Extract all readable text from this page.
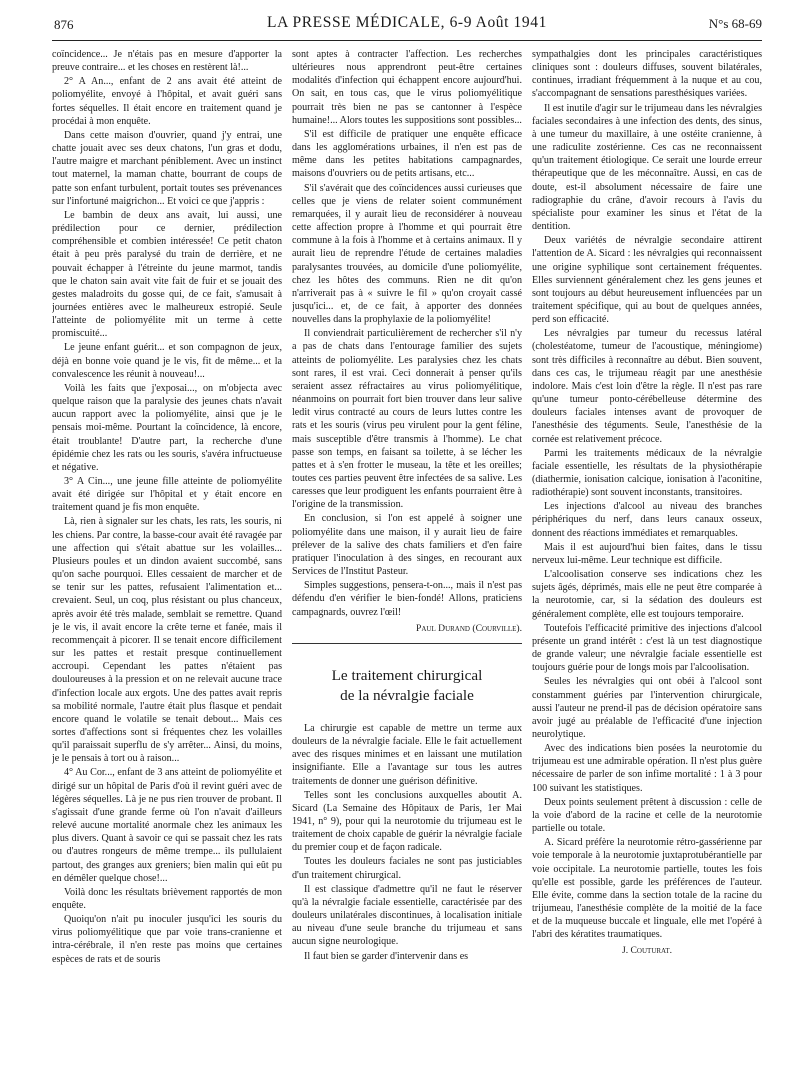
876	LA PRESSE MÉDICALE, 6-9 Août 1941	N°s 68-69

coïncidence... Je n'étais pas en mesure d'apporter la preuve contraire... et les choses en restèrent là!...

2° A An..., enfant de 2 ans avait été atteint de poliomyélite, envoyé à l'hôpital, et avait guéri sans fortes séquelles. Il était encore en traitement quand je procédai à mon enquête.

Dans cette maison d'ouvrier, quand j'y entrai, une chatte jouait avec ses deux chatons, l'un gras et dodu, l'autre maigre et marchant péniblement. Avec un instinct tout maternel, la maman chatte, bourrant de coups de patte son enfant turbulent, portait toutes ses prévenances sur l'infortuné maigrichon... Et voici ce que j'appris :

Le bambin de deux ans avait, lui aussi, une prédilection pour ce dernier, prédilection compréhensible et combien intéressée! Ce petit chaton était à peu près paralysé du train de derrière, et ne pouvait échapper à l'étreinte du jeune marmot, tandis que le chaton sain avait vite fait de fuir et se jouait des gestes maladroits du gosse qui, de ce fait, s'amusait à journées entières avec le malheureux estropié. Seule l'atteinte de poliomyélite mit un terme à cette promiscuité...

Le jeune enfant guérit... et son compagnon de jeux, déjà en bonne voie quand je le vis, fit de même... et la convalescence les réunit à nouveau!...

Voilà les faits que j'exposai..., on m'objecta avec quelque raison que la paralysie des jeunes chats n'avait aucun rapport avec la poliomyélite, ainsi que je le pensais moi-même. Pourtant la coïncidence, là encore, était troublante! D'autre part, la recherche d'une épidémie chez les rats ou les souris, s'avéra infructueuse et négative.

3° A Cin..., une jeune fille atteinte de poliomyélite avait été dirigée sur l'hôpital et y était encore en traitement quand je fis mon enquête.

Là, rien à signaler sur les chats, les rats, les souris, ni les chiens. Par contre, la basse-cour avait été ravagée par une affection qui s'était abattue sur les volailles... Plusieurs poules et un dindon avaient succombé, sans qu'on sache pourquoi. Elles cessaient de marcher et de se tenir sur les pattes, refusaient l'alimentation et... crevaient. Seul, un coq, plus résistant ou plus chanceux, après avoir été très malade, semblait se remettre. Quand je le vis, il avait encore la crête terne et fanée, mais il recommençait à picorer. Il se tenait encore difficilement sur les pattes et restait presque continuellement accroupi. Cependant les pattes n'étaient pas douloureuses à la pression et on ne relevait aucune trace d'infection locale aux ergots. Une des pattes avait repris sa mobilité normale, l'autre était plus flasque et pendait encore quand le volatile se tenait debout... Mais ces sortes d'affections sont si fréquentes chez les volailles qu'il paraissait superflu de s'y arrêter... Ainsi, du moins, je le pensais à tort ou à raison...

4° Au Cor..., enfant de 3 ans atteint de poliomyélite et dirigé sur un hôpital de Paris d'où il revint guéri avec de légères séquelles. Là je ne pus rien trouver de probant. Il s'agissait d'une grande ferme où l'on n'avait d'ailleurs relevé aucune mortalité anormale chez les animaux les plus divers. Quant à savoir ce qui se passait chez les rats ou d'autres rongeurs de même trempe... ils pullulaient partout, des granges aux greniers; bien malin qui eût pu en démêler quelque chose!...

Voilà donc les résultats brièvement rapportés de mon enquête.

Quoiqu'on n'ait pu inoculer jusqu'ici les souris du virus poliomyélitique que par voie trans-cranienne et intra-cérébrale, il n'en reste pas moins que certaines espèces de rats et de souris

sont aptes à contracter l'affection. Les recherches ultérieures nous apprendront peut-être certaines modalités d'infection qui échappent encore aujourd'hui. On sait, en tous cas, que le virus poliomyélitique pourrait très bien ne pas se cantonner à l'espèce humaine!... Alors toutes les suppositions sont possibles...

S'il est difficile de pratiquer une enquête efficace dans les agglomérations urbaines, il n'en est pas de même dans les petites habitations campagnardes, maisons d'ouvriers ou de petits artisans, etc...

S'il s'avérait que des coïncidences aussi curieuses que celles que je viens de relater soient communément remarquées, il y aurait lieu de reconsidérer à nouveau cette affection propre à l'homme et qui pourrait être commune à la fois à l'homme et à certains animaux. Il y aurait lieu de reprendre l'étude de certaines maladies paralysantes trouvées, au domicile d'une poliomyélite, chez les hôtes des communs. Rien ne dit qu'on n'arriverait pas à « suivre le fil » qu'on croyait cassé jusqu'ici... et, de ce fait, à apporter des données nouvelles dans la prophylaxie de la poliomyélite!

Il conviendrait particulièrement de rechercher s'il n'y a pas de chats dans l'entourage familier des sujets atteints de poliomyélite. Les paralysies chez les chats sont rares, il est vrai. Ceci donnerait à penser qu'ils seraient assez réfractaires au virus poliomyélitique, néanmoins on pourrait fort bien trouver dans leur salive ledit virus contracté au cours de leurs luttes contre les rats et les souris (virus peu virulent pour la gent féline, mais susceptible d'être transmis à l'homme). Le chat passe son temps, en faisant sa toilette, à se lécher les pattes et à s'en frotter le museau, la tête et les oreilles; toutes ces parties peuvent être infectées de sa salive. Les caresses que leur prodiguent les enfants pourraient être à l'origine de la transmission.

En conclusion, si l'on est appelé à soigner une poliomyélite dans une maison, il y aurait lieu de faire prélever de la salive des chats familiers et d'en faire pratiquer l'inoculation à des singes, en recourant aux Services de l'Institut Pasteur.

Simples suggestions, pensera-t-on..., mais il n'est pas défendu d'en vérifier le bien-fondé! Allons, praticiens campagnards, ouvrez l'œil!

Paul Durand (Courville).
Le traitement chirurgical
de la névralgie faciale

La chirurgie est capable de mettre un terme aux douleurs de la névralgie faciale. Elle le fait actuellement avec des risques minimes et en laissant une mutilation insignifiante. Elle a l'avantage sur tous les autres traitements de donner une guérison définitive.

Telles sont les conclusions auxquelles aboutit A. Sicard (La Semaine des Hôpitaux de Paris, 1er Mai 1941, n° 9), pour qui la neurotomie du trijumeau est le traitement de choix capable de guérir la névralgie faciale du premier coup et de façon radicale.

Toutes les douleurs faciales ne sont pas justiciables d'un traitement chirurgical.

Il est classique d'admettre qu'il ne faut le réserver qu'à la névralgie faciale essentielle, caractérisée par des douleurs unilatérales discontinues, à localisation initiale au niveau d'une seule branche du trijumeau et sans aucun signe neurologique.

Il faut bien se garder d'intervenir dans es

sympathalgies dont les principales caractéristiques cliniques sont : douleurs diffuses, souvent bilatérales, continues, irradiant fréquemment à la nuque et au cou, s'accompagnant de sensations paresthésiques variées.

Il est inutile d'agir sur le trijumeau dans les névralgies faciales secondaires à une infection des dents, des sinus, à une tumeur du maxillaire, à une ostéite cranienne, à une radiculite zostérienne. Ces cas ne reconnaissent qu'un traitement étiologique. Ce serait une lourde erreur thérapeutique que de les méconnaître. Aussi, en cas de doute, est-il absolument nécessaire de faire une radiographie du crâne, d'avoir recours à l'avis du spécialiste pour examiner les sinus et l'état de la dentition.

Deux variétés de névralgie secondaire attirent l'attention de A. Sicard : les névralgies qui reconnaissent une origine syphilique sont certainement fréquentes. Elles surviennent généralement chez les gens jeunes et sont toujours au début heureusement influencées par un traitement spécifique, qui au bout de quelques années, perd son efficacité.

Les névralgies par tumeur du recessus latéral (cholestéatome, tumeur de l'acoustique, méningiome) sont très difficiles à reconnaître au début. Bien souvent, dans ces cas, le trijumeau réagit par une anesthésie indolore. Mais c'est loin d'être la règle. Il n'est pas rare qu'une tumeur ponto-cérébelleuse détermine des douleurs faciales intenses avant de provoquer de l'anesthésie des téguments. Seule, l'anesthésie de la cornée est relativement précoce.

Parmi les traitements médicaux de la névralgie faciale essentielle, les résultats de la physiothérapie (diathermie, ionisation calcique, ionisation à l'aconitine, radiothérapie) sont souvent inconstants, transitoires.

Les injections d'alcool au niveau des branches périphériques du nerf, dans leurs canaux osseux, donnent des réactions immédiates et remarquables.

Mais il est aujourd'hui bien faites, dans le tissu nerveux lui-même. Leur technique est difficile.

L'alcoolisation conserve ses indications chez les sujets âgés, déprimés, mais elle ne peut être comparée à la neurotomie, car, si la sédation des douleurs est généralement complète, elle est toujours temporaire.

Toutefois l'efficacité primitive des injections d'alcool présente un grand intérêt : c'est là un test diagnostique de grande valeur; une névralgie faciale essentielle est toujours guérie pour de longs mois par l'alcoolisation.

Seules les névralgies qui ont obéi à l'alcool sont constamment guéries par l'intervention chirurgicale, aussi l'auteur ne prend-il pas de décision opératoire sans avoir jugé au préalable de l'efficacité d'une injection neurolytique.

Avec des indications bien posées la neurotomie du trijumeau est une admirable opération. Il n'est plus guère nécessaire de parler de son infime mortalité : 1 à 3 pour 100 suivant les statistiques.

Deux points seulement prêtent à discussion : celle de la voie d'abord de la racine et celle de la neurotomie partielle ou totale.

A. Sicard préfère la neurotomie rétro-gassérienne par voie temporale à la neurotomie juxtaprotubérantielle par voie occipitale. La neurotomie partielle, toutes les fois qu'elle est possible, garde les préférences de l'auteur. Elle évite, comme dans la section totale de la racine du trijumeau, l'anesthésie complète de la moitié de la face et de la muqueuse buccale et linguale, elle met l'opéré à l'abri des kératites traumatiques.

J. Couturat.
